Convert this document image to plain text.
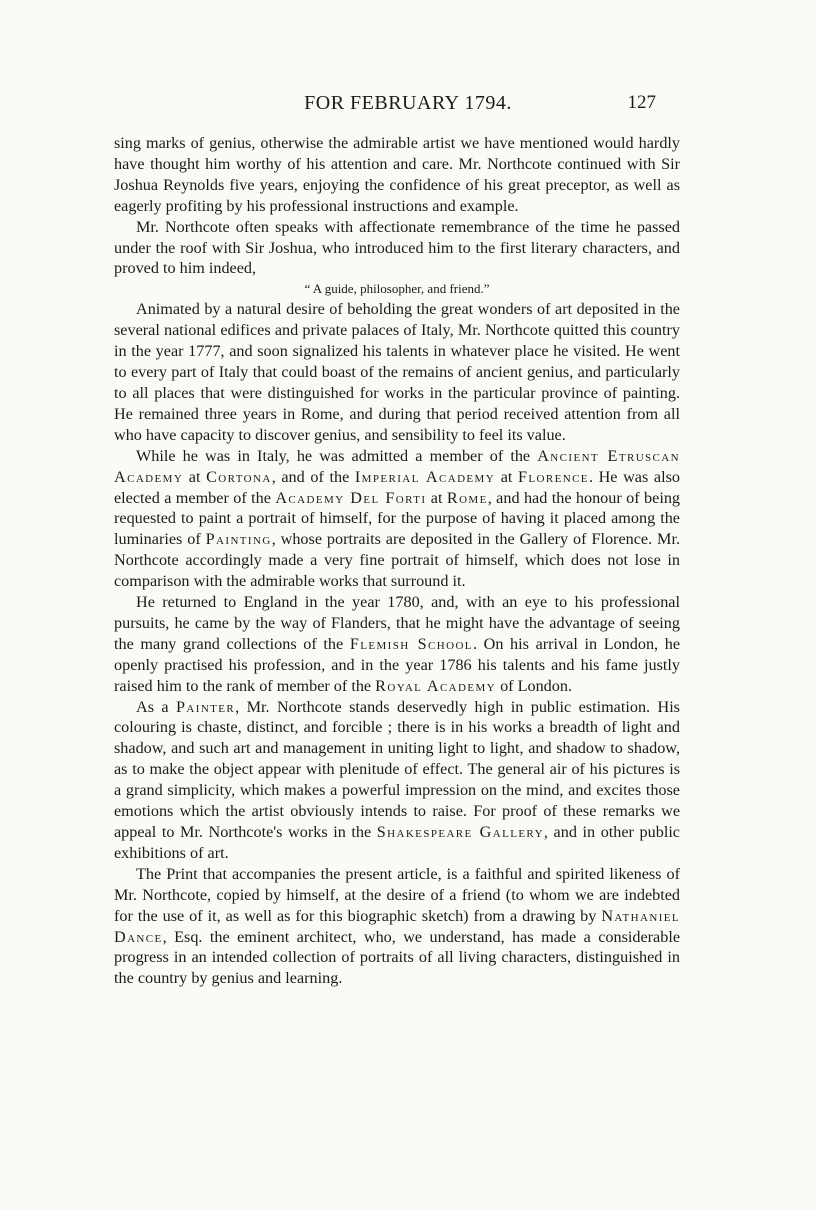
FOR FEBRUARY 1794.	127

sing marks of genius, otherwise the admirable artist we have mentioned would hardly have thought him worthy of his attention and care. Mr. Northcote continued with Sir Joshua Reynolds five years, enjoying the confidence of his great preceptor, as well as eagerly profiting by his professional instructions and example.

Mr. Northcote often speaks with affectionate remembrance of the time he passed under the roof with Sir Joshua, who introduced him to the first literary characters, and proved to him indeed,

“ A guide, philosopher, and friend.”

Animated by a natural desire of beholding the great wonders of art deposited in the several national edifices and private palaces of Italy, Mr. Northcote quitted this country in the year 1777, and soon signalized his talents in whatever place he visited. He went to every part of Italy that could boast of the remains of ancient genius, and particularly to all places that were distinguished for works in the particular province of painting. He remained three years in Rome, and during that period received attention from all who have capacity to discover genius, and sensibility to feel its value.

While he was in Italy, he was admitted a member of the Ancient Etruscan Academy at Cortona, and of the Imperial Academy at Florence. He was also elected a member of the Academy Del Forti at Rome, and had the honour of being requested to paint a portrait of himself, for the purpose of having it placed among the luminaries of Painting, whose portraits are deposited in the Gallery of Florence. Mr. Northcote accordingly made a very fine portrait of himself, which does not lose in comparison with the admirable works that surround it.

He returned to England in the year 1780, and, with an eye to his professional pursuits, he came by the way of Flanders, that he might have the advantage of seeing the many grand collections of the Flemish School. On his arrival in London, he openly practised his profession, and in the year 1786 his talents and his fame justly raised him to the rank of member of the Royal Academy of London.

As a Painter, Mr. Northcote stands deservedly high in public estimation. His colouring is chaste, distinct, and forcible ; there is in his works a breadth of light and shadow, and such art and management in uniting light to light, and shadow to shadow, as to make the object appear with plenitude of effect. The general air of his pictures is a grand simplicity, which makes a powerful impression on the mind, and excites those emotions which the artist obviously intends to raise. For proof of these remarks we appeal to Mr. Northcote's works in the Shakespeare Gallery, and in other public exhibitions of art.

The Print that accompanies the present article, is a faithful and spirited likeness of Mr. Northcote, copied by himself, at the desire of a friend (to whom we are indebted for the use of it, as well as for this biographic sketch) from a drawing by Nathaniel Dance, Esq. the eminent architect, who, we understand, has made a considerable progress in an intended collection of portraits of all living characters, distinguished in the country by genius and learning.
